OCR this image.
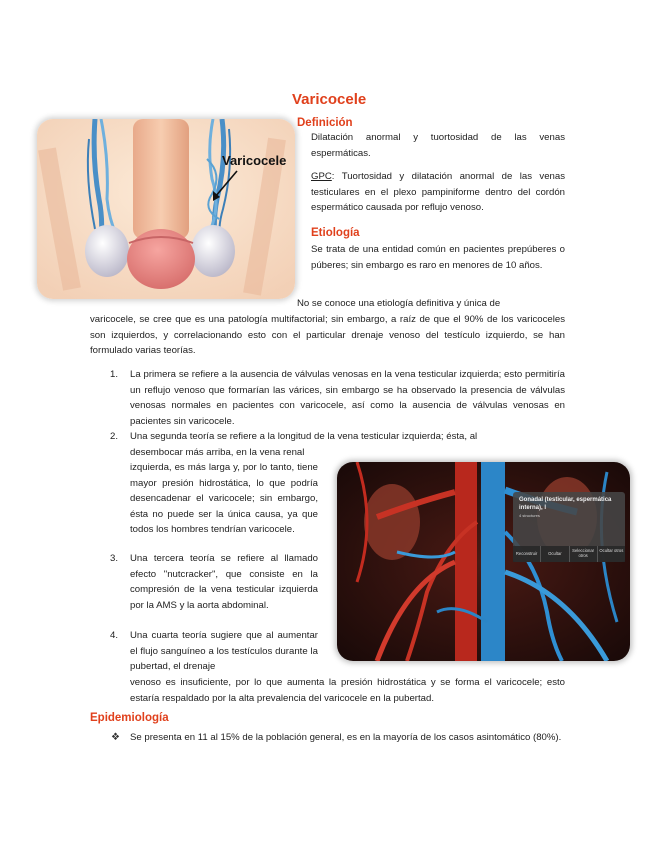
Varicocele
Varicocele
Definición
Dilatación anormal y tuortosidad de las venas espermáticas.
GPC: Tuortosidad y dilatación anormal de las venas testiculares en el plexo pampiniforme dentro del cordón espermático causada por reflujo venoso.
Etiología
Se trata de una entidad común en pacientes prepúberes o púberes; sin embargo es raro en menores de 10 años.
No se conoce una etiología definitiva y única de
varicocele, se cree que es una patología multifactorial; sin embargo, a raíz de que el 90% de los varicoceles son izquierdos, y correlacionando esto con el particular drenaje venoso del testículo izquierdo, se han formulado varias teorías.
1. La primera se refiere a la ausencia de válvulas venosas en la vena testicular izquierda; esto permitiría un reflujo venoso que formarían las várices, sin embargo se ha observado la presencia de válvulas venosas normales en pacientes con varicocele, así como la ausencia de válvulas venosas en pacientes sin varicocele.
2. Una segunda teoría se refiere a la longitud de la vena testicular izquierda; ésta, al
desembocar más arriba, en la vena renal
izquierda, es más larga y, por lo tanto, tiene mayor presión hidrostática, lo que podría desencadenar el varicocele; sin embargo, ésta no puede ser la única causa, ya que todos los hombres tendrían varicocele.
3. Una tercera teoría se refiere al llamado efecto "nutcracker", que consiste en la compresión de la vena testicular izquierda por la AMS y la aorta abdominal.
4. Una cuarta teoría sugiere que al aumentar el flujo sanguíneo a los testículos durante la pubertad, el drenaje
venoso es insuficiente, por lo que aumenta la presión hidrostática y se forma el varicocele; esto estaría respaldado por la alta prevalencia del varicocele en la pubertad.
Gonadal (testicular, espermática interna), l
4 structures
Reconstruir	Ocultar
Seleccionar otros
Ocultar otros
Epidemiología
❖ Se presenta en 11 al 15% de la población general, es en la mayoría de los casos asintomático (80%).
